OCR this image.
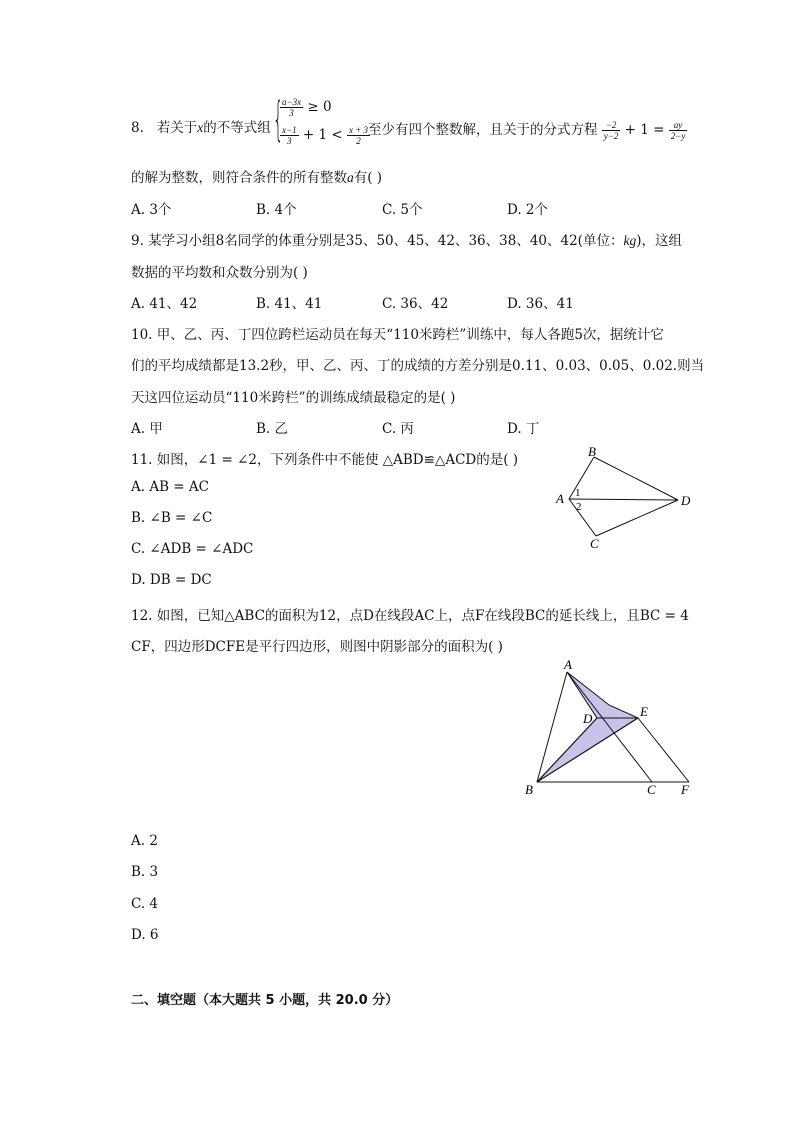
8. 若关于x的不等式组 {
$\frac{a-3x}{3} \ge 0$
$\frac{x-1}{3} + 1 < \frac{x + 3}{2}$
至少有四个整数解，且关于的分式方程 $\frac{-2}{y-2} + 1 = \frac{ay}{2-y}$
的解为整数，则符合条件的所有整数a有( )
A. 3个	B. 4个	C. 5个	D. 2个
9. 某学习小组8名同学的体重分别是35、50、45、42、36、38、40、42(单位：kg)，这组
数据的平均数和众数分别为( )
A. 41、42	B. 41、41	C. 36、42	D. 36、41
10. 甲、乙、丙、丁四位跨栏运动员在每天“110米跨栏”训练中，每人各跑5次，据统计它
们的平均成绩都是13.2秒，甲、乙、丙、丁的成绩的方差分别是0.11、0.03、0.05、0.02.则当
天这四位运动员“110米跨栏”的训练成绩最稳定的是( )
A. 甲	B. 乙	C. 丙	D. 丁
11. 如图，∠1 = ∠2，下列条件中不能使 △ABD≌△ACD的是( )
A. AB = AC
B. ∠B = ∠C
C. ∠ADB = ∠ADC
D. DB = DC
B
A
C
D
1
2
12. 如图，已知△ABC的面积为12，点D在线段AC上，点F在线段BC的延长线上，且BC = 4
CF，四边形DCFE是平行四边形，则图中阴影部分的面积为( )
A
D	E
B	C F
A. 2
B. 3
C. 4
D. 6
二、填空题（本大题共 5 小题，共 20.0 分）
